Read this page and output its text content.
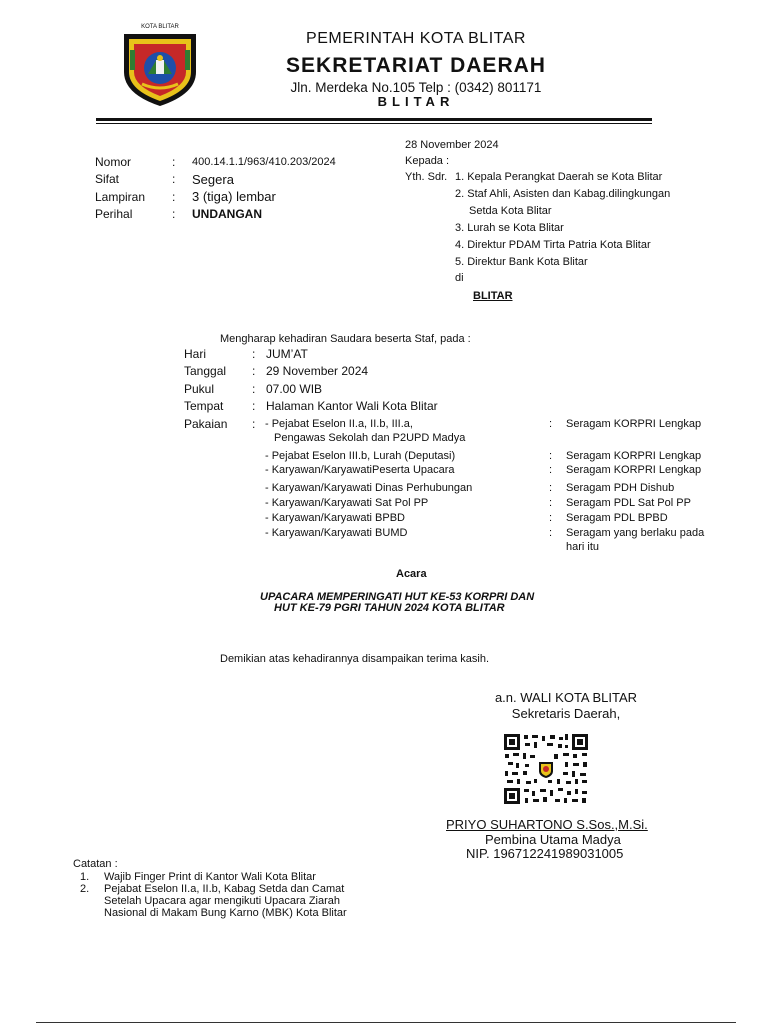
KOTA BLITAR
PEMERINTAH KOTA BLITAR
SEKRETARIAT DAERAH
Jln. Merdeka No.105 Telp : (0342) 801171
BLITAR
28 November 2024
Nomor	: 400.14.1.1/963/410.203/2024
Sifat	: Segera
Lampiran : 3 (tiga) lembar
Perihal	: UNDANGAN
Kepada :
Yth. Sdr. 1. Kepala Perangkat Daerah se Kota Blitar
2. Staf Ahli, Asisten dan Kabag.dilingkungan
Setda Kota Blitar
3. Lurah se Kota Blitar
4. Direktur PDAM Tirta Patria Kota Blitar
5. Direktur Bank Kota Blitar
di
BLITAR
Mengharap kehadiran Saudara beserta Staf, pada :
Hari	: JUM’AT
Tanggal : 29 November 2024
Pukul	: 07.00 WIB
Tempat : Halaman Kantor Wali Kota Blitar
Pakaian : - Pejabat Eselon II.a, II.b, III.a,
Pengawas Sekolah dan P2UPD Madya
: Seragam KORPRI Lengkap
- Pejabat Eselon III.b, Lurah (Deputasi)	: Seragam KORPRI Lengkap
- Karyawan/KaryawatiPeserta Upacara	: Seragam KORPRI Lengkap
- Karyawan/Karyawati Dinas Perhubungan	: Seragam PDH Dishub
- Karyawan/Karyawati Sat Pol PP	: Seragam PDL Sat Pol PP
- Karyawan/Karyawati BPBD	: Seragam PDL BPBD
- Karyawan/Karyawati BUMD	: Seragam yang berlaku pada
hari itu
Acara
UPACARA MEMPERINGATI HUT KE-53 KORPRI DAN
HUT KE-79 PGRI TAHUN 2024 KOTA BLITAR
Demikian atas kehadirannya disampaikan terima kasih.
a.n. WALI KOTA BLITAR
Sekretaris Daerah,
PRIYO SUHARTONO S.Sos.,M.Si.
Pembina Utama Madya
NIP. 196712241989031005
Catatan :
1. Wajib Finger Print di Kantor Wali Kota Blitar
2. Pejabat Eselon II.a, II.b, Kabag Setda dan Camat
Setelah Upacara agar mengikuti Upacara Ziarah
Nasional di Makam Bung Karno (MBK) Kota Blitar
